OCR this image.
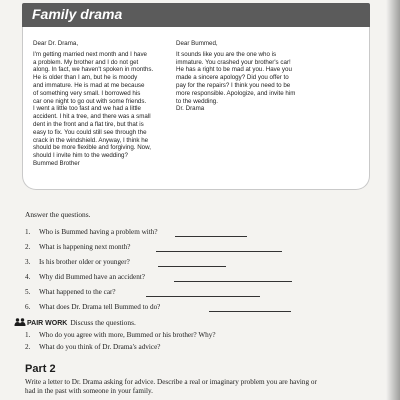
Family drama
Dear Dr. Drama,
I'm getting married next month and I have
a problem. My brother and I do not get
along. In fact, we haven't spoken in months.
He is older than I am, but he is moody
and immature. He is mad at me because
of something very small. I borrowed his
car one night to go out with some friends.
I went a little too fast and we had a little
accident. I hit a tree, and there was a small
dent in the front and a flat tire, but that is
easy to fix. You could still see through the
crack in the windshield. Anyway, I think he
should be more flexible and forgiving. Now,
should I invite him to the wedding?
Bummed Brother
Dear Bummed,
It sounds like you are the one who is
immature. You crashed your brother's car!
He has a right to be mad at you. Have you
made a sincere apology? Did you offer to
pay for the repairs? I think you need to be
more responsible. Apologize, and invite him
to the wedding.
Dr. Drama
Answer the questions.
1. Who is Bummed having a problem with?
2. What is happening next month?
3. Is his brother older or younger?
4. Why did Bummed have an accident?
5. What happened to the car?
6. What does Dr. Drama tell Bummed to do?
PAIR WORK Discuss the questions.
1. Who do you agree with more, Bummed or his brother? Why?
2. What do you think of Dr. Drama's advice?
Part 2
Write a letter to Dr. Drama asking for advice. Describe a real or imaginary problem you are having or
had in the past with someone in your family.
